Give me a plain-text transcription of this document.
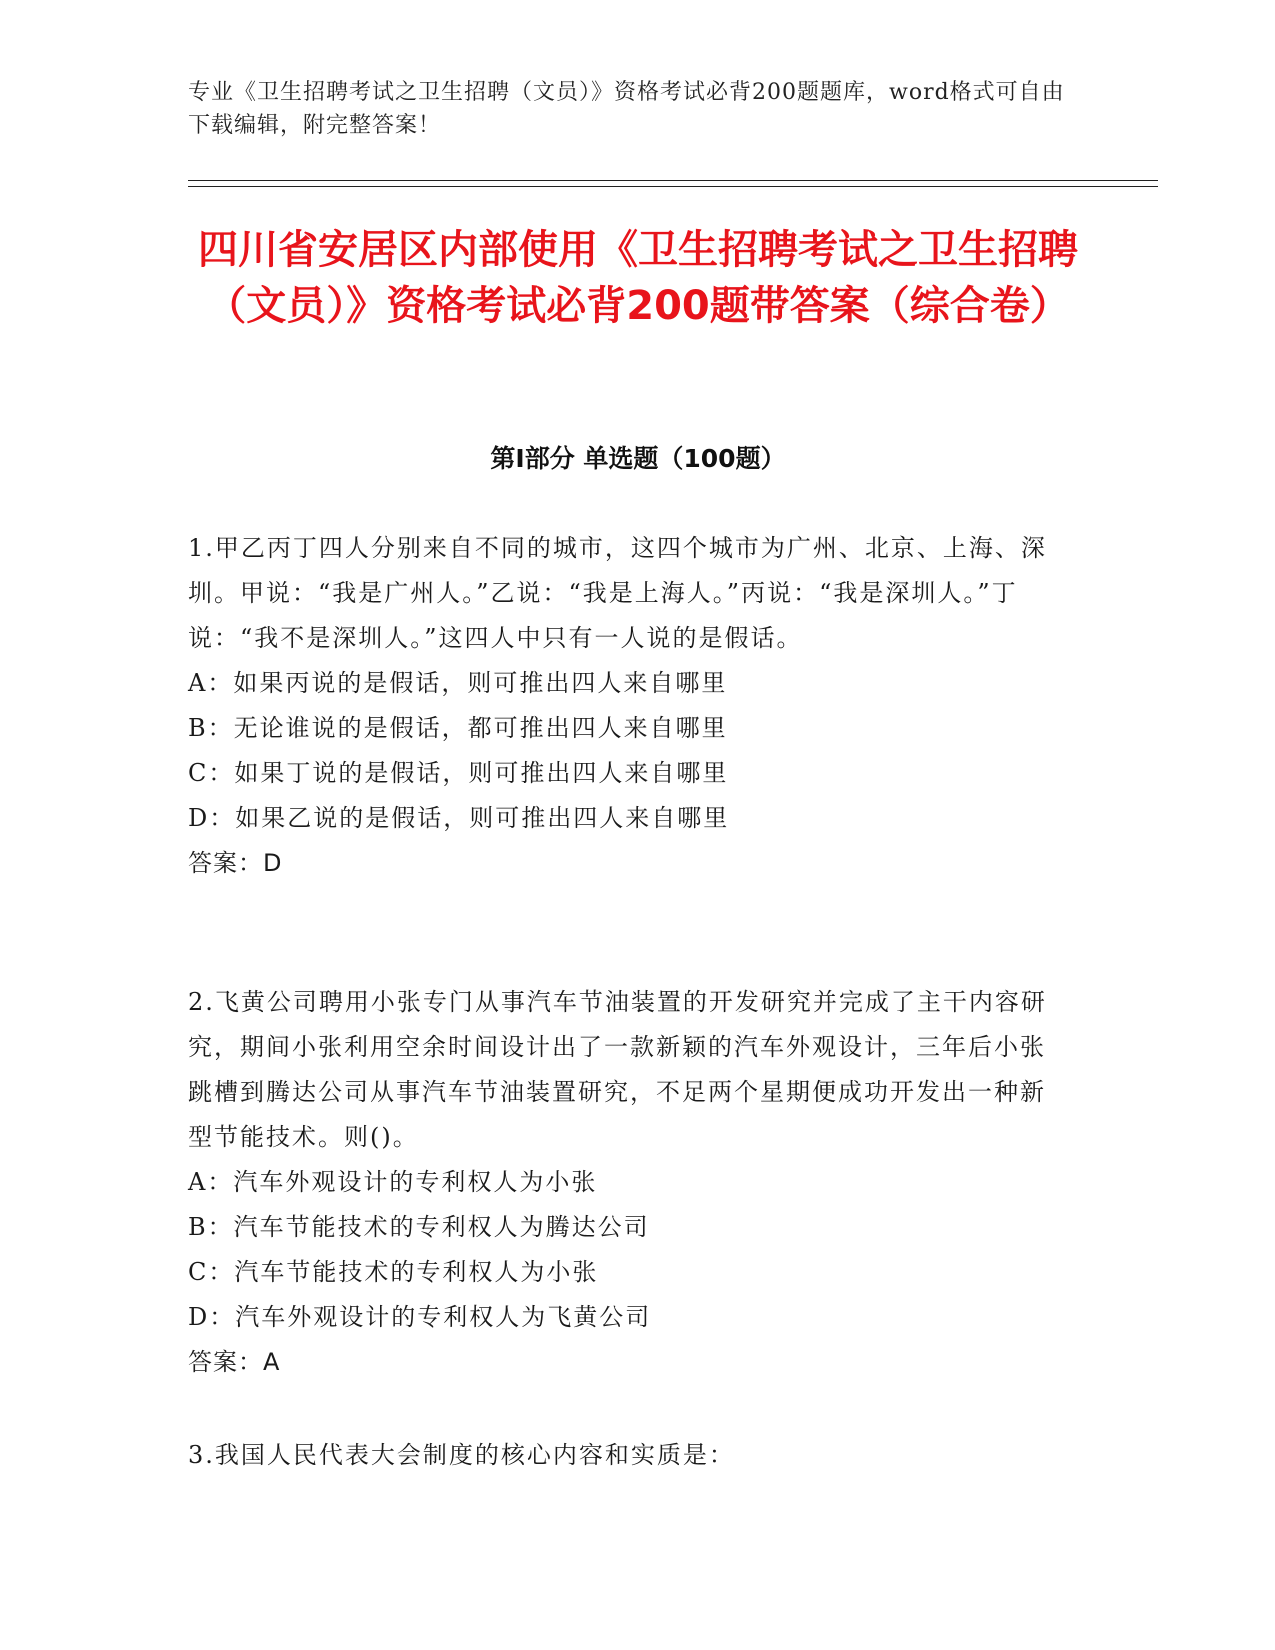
专业《卫生招聘考试之卫生招聘（文员）》资格考试必背200题题库，word格式可自由下载编辑，附完整答案！
四川省安居区内部使用《卫生招聘考试之卫生招聘（文员）》资格考试必背200题带答案（综合卷）
第I部分 单选题（100题）
1.甲乙丙丁四人分别来自不同的城市，这四个城市为广州、北京、上海、深圳。甲说：“我是广州人。”乙说：“我是上海人。”丙说：“我是深圳人。”丁说：“我不是深圳人。”这四人中只有一人说的是假话。
A：如果丙说的是假话，则可推出四人来自哪里
B：无论谁说的是假话，都可推出四人来自哪里
C：如果丁说的是假话，则可推出四人来自哪里
D：如果乙说的是假话，则可推出四人来自哪里
答案：D
2.飞黄公司聘用小张专门从事汽车节油装置的开发研究并完成了主干内容研究，期间小张利用空余时间设计出了一款新颖的汽车外观设计，三年后小张跳槽到腾达公司从事汽车节油装置研究，不足两个星期便成功开发出一种新型节能技术。则()。
A：汽车外观设计的专利权人为小张
B：汽车节能技术的专利权人为腾达公司
C：汽车节能技术的专利权人为小张
D：汽车外观设计的专利权人为飞黄公司
答案：A
3.我国人民代表大会制度的核心内容和实质是：
